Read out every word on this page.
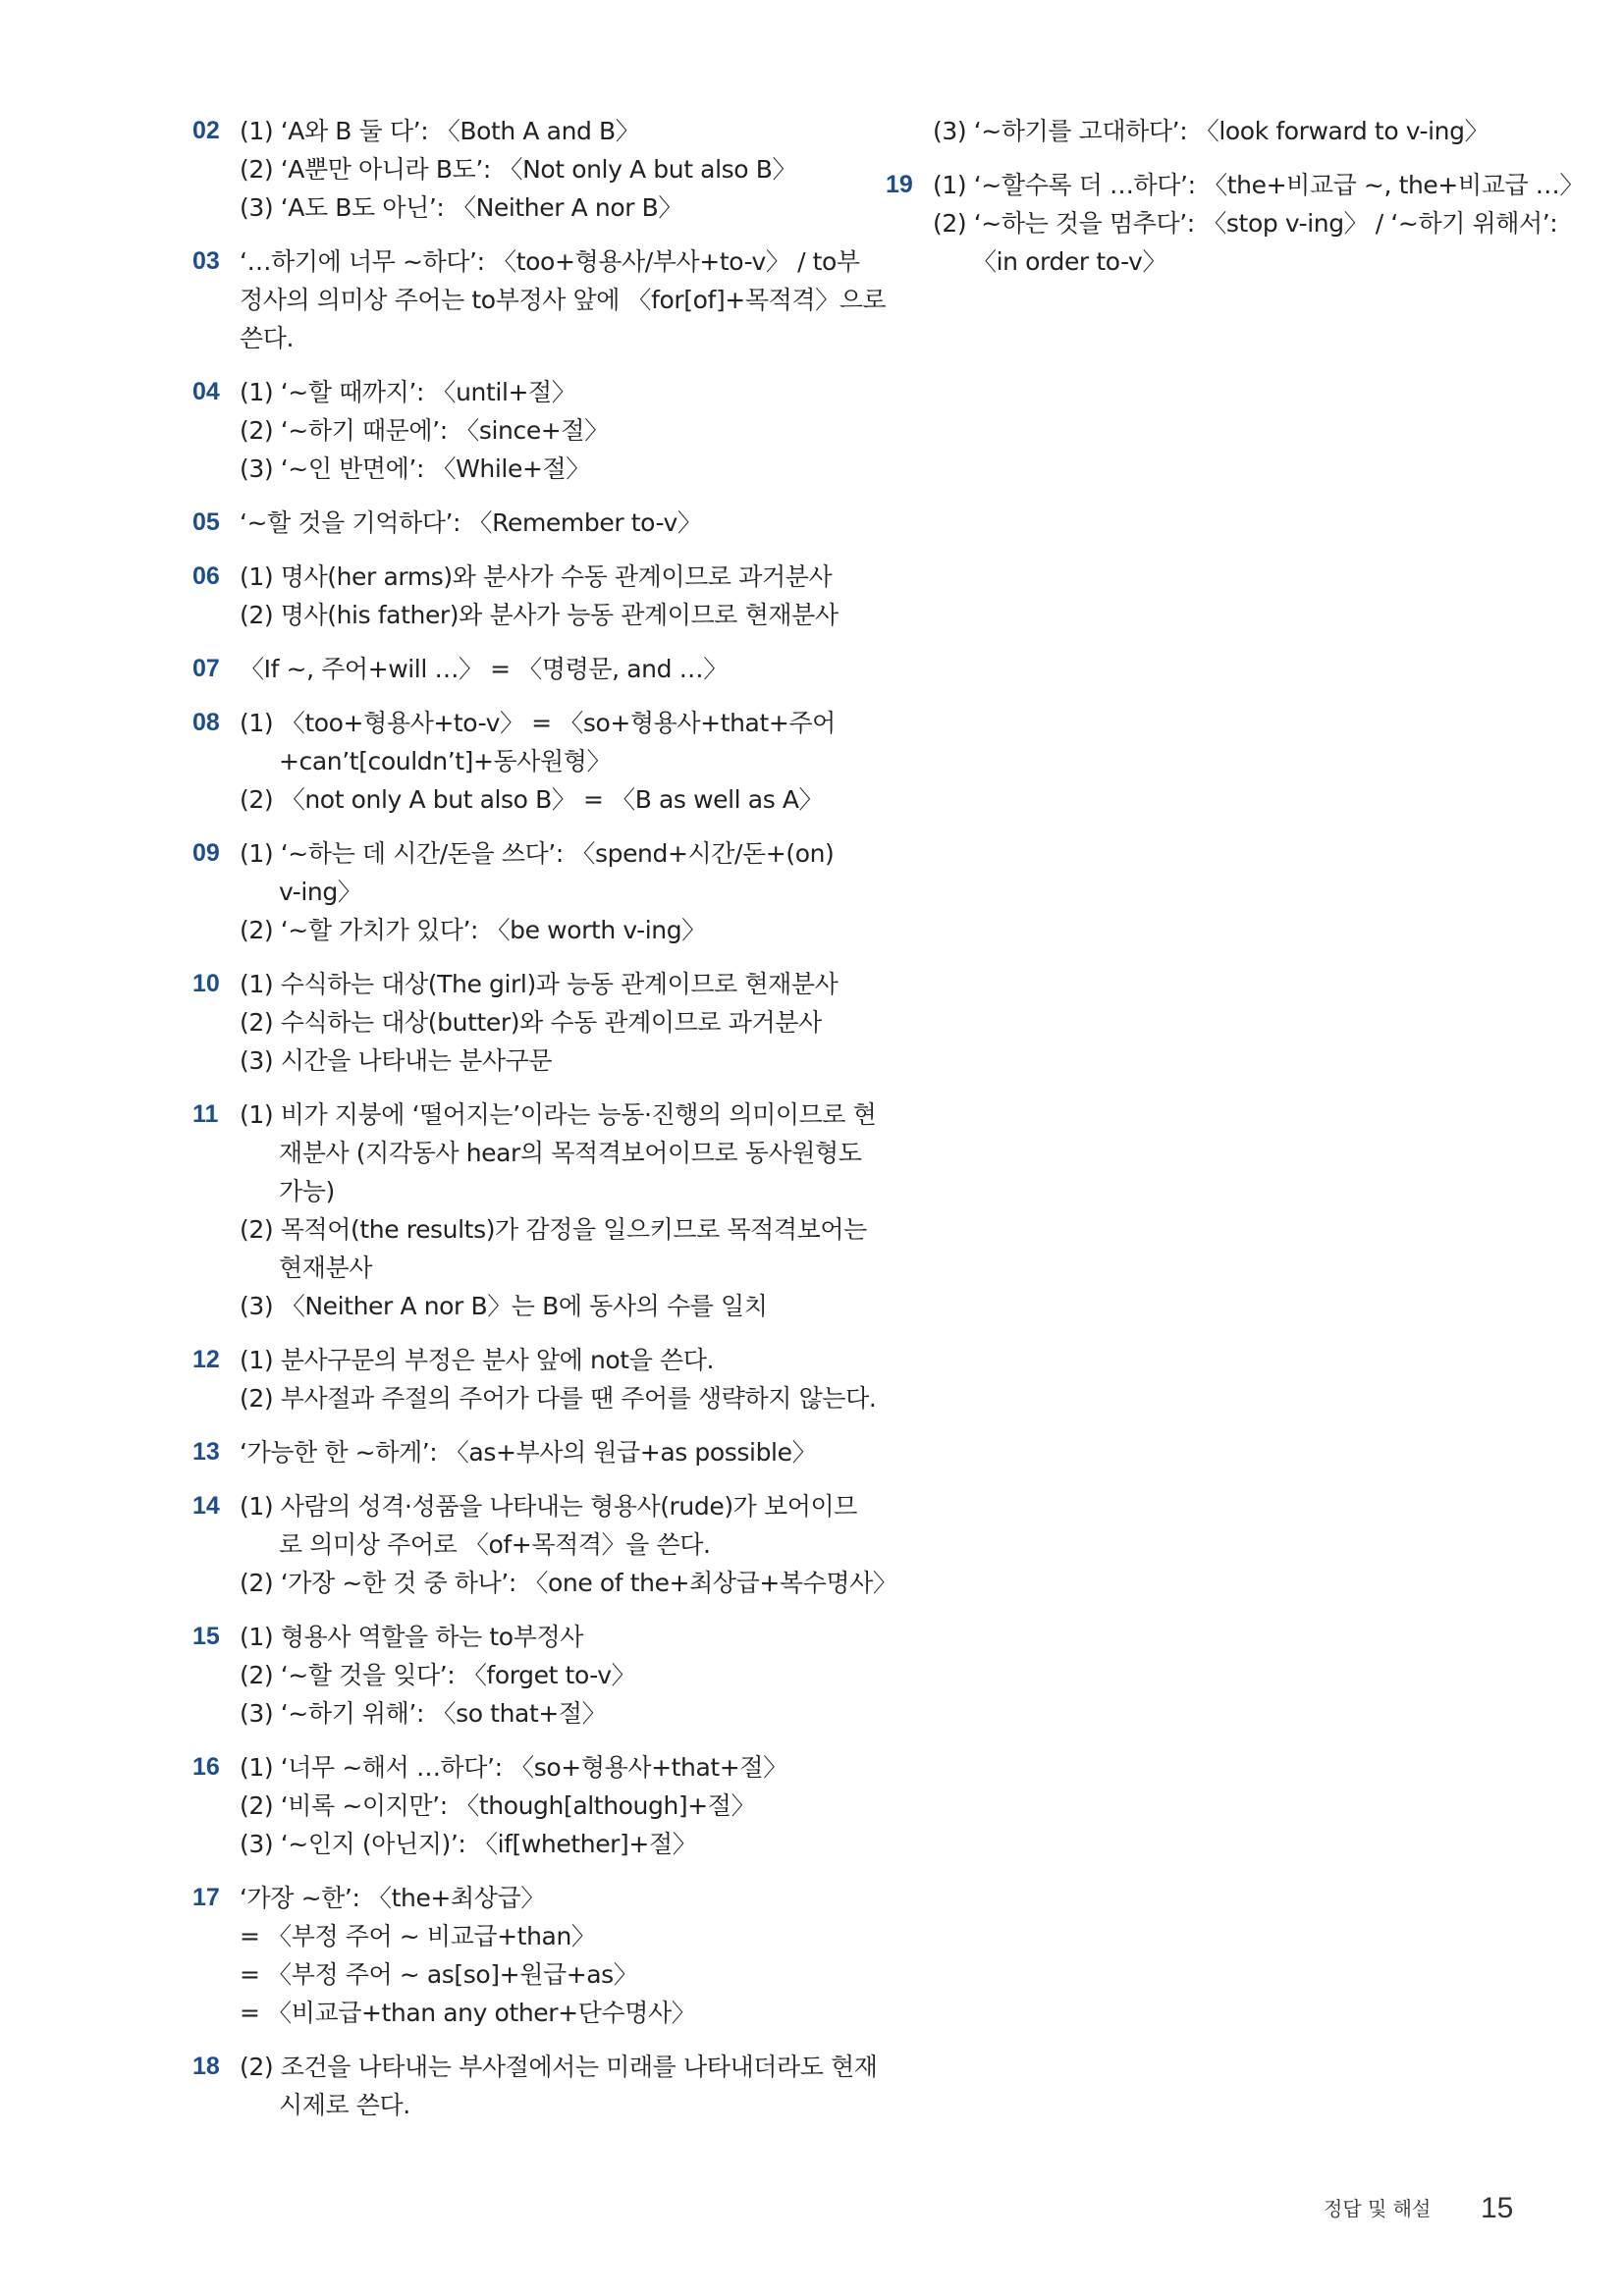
02 (1) ‘A와 B 둘 다’: 〈Both A and B〉
(2) ‘A뿐만 아니라 B도’: 〈Not only A but also B〉
(3) ‘A도 B도 아닌’: 〈Neither A nor B〉
03 ‘…하기에 너무 ~하다’: 〈too+형용사/부사+to-v〉 / to부
정사의 의미상 주어는 to부정사 앞에 〈for[of]+목적격〉으로
쓴다.
04 (1) ‘~할 때까지’: 〈until+절〉
(2) ‘~하기 때문에’: 〈since+절〉
(3) ‘~인 반면에’: 〈While+절〉
05 ‘~할 것을 기억하다’: 〈Remember to-v〉
06 (1) 명사(her arms)와 분사가 수동 관계이므로 과거분사
(2) 명사(his father)와 분사가 능동 관계이므로 현재분사
07 〈If ~, 주어+will …〉 = 〈명령문, and …〉
08 (1) 〈too+형용사+to-v〉 = 〈so+형용사+that+주어
+can’t[couldn’t]+동사원형〉
(2) 〈not only A but also B〉 = 〈B as well as A〉
09 (1) ‘~하는 데 시간/돈을 쓰다’: 〈spend+시간/돈+(on)
v-ing〉
(2) ‘~할 가치가 있다’: 〈be worth v-ing〉
10 (1) 수식하는 대상(The girl)과 능동 관계이므로 현재분사
(2) 수식하는 대상(butter)와 수동 관계이므로 과거분사
(3) 시간을 나타내는 분사구문
11 (1) 비가 지붕에 ‘떨어지는’이라는 능동·진행의 의미이므로 현
재분사 (지각동사 hear의 목적격보어이므로 동사원형도
가능)
(2) 목적어(the results)가 감정을 일으키므로 목적격보어는
현재분사
(3) 〈Neither A nor B〉는 B에 동사의 수를 일치
12 (1) 분사구문의 부정은 분사 앞에 not을 쓴다.
(2) 부사절과 주절의 주어가 다를 땐 주어를 생략하지 않는다.
13 ‘가능한 한 ~하게’: 〈as+부사의 원급+as possible〉
14 (1) 사람의 성격·성품을 나타내는 형용사(rude)가 보어이므
로 의미상 주어로 〈of+목적격〉을 쓴다.
(2) ‘가장 ~한 것 중 하나’: 〈one of the+최상급+복수명사〉
15 (1) 형용사 역할을 하는 to부정사
(2) ‘~할 것을 잊다’: 〈forget to-v〉
(3) ‘~하기 위해’: 〈so that+절〉
16 (1) ‘너무 ~해서 …하다’: 〈so+형용사+that+절〉
(2) ‘비록 ~이지만’: 〈though[although]+절〉
(3) ‘~인지 (아닌지)’: 〈if[whether]+절〉
17 ‘가장 ~한’: 〈the+최상급〉
= 〈부정 주어 ~ 비교급+than〉
= 〈부정 주어 ~ as[so]+원급+as〉
= 〈비교급+than any other+단수명사〉
18 (2) 조건을 나타내는 부사절에서는 미래를 나타내더라도 현재
시제로 쓴다.
(3) ‘~하기를 고대하다’: 〈look forward to v-ing〉
19 (1) ‘~할수록 더 …하다’: 〈the+비교급 ~, the+비교급 …〉
(2) ‘~하는 것을 멈추다’: 〈stop v-ing〉 / ‘~하기 위해서’:
〈in order to-v〉
정답 및 해설 15
